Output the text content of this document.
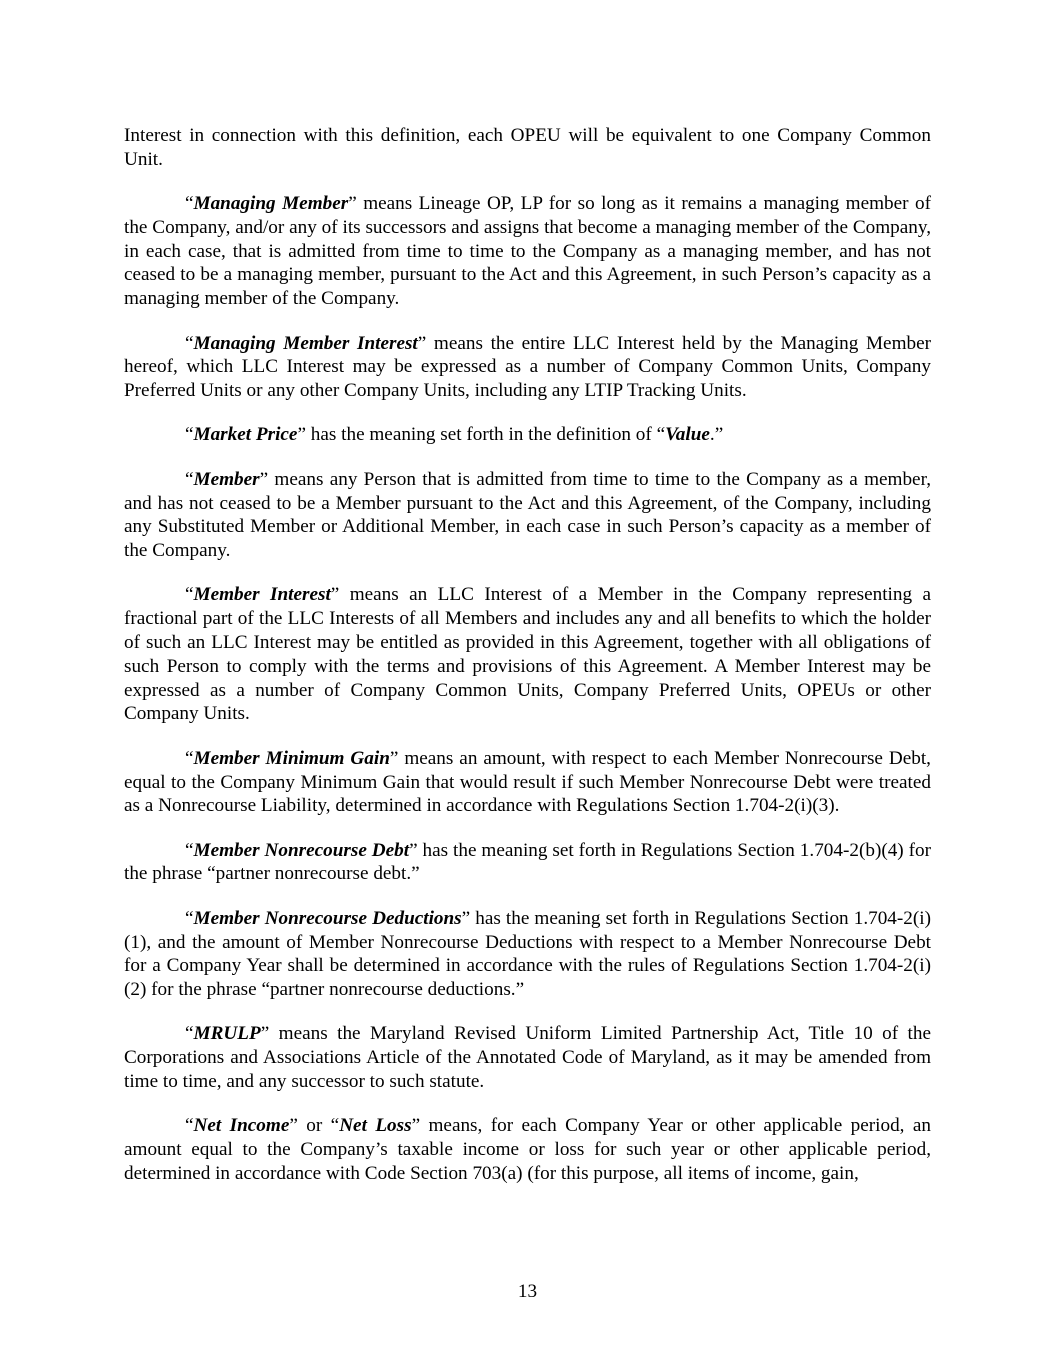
Interest in connection with this definition, each OPEU will be equivalent to one Company Common Unit.

“Managing Member” means Lineage OP, LP for so long as it remains a managing member of the Company, and/or any of its successors and assigns that become a managing member of the Company, in each case, that is admitted from time to time to the Company as a managing member, and has not ceased to be a managing member, pursuant to the Act and this Agreement, in such Person’s capacity as a managing member of the Company.

“Managing Member Interest” means the entire LLC Interest held by the Managing Member hereof, which LLC Interest may be expressed as a number of Company Common Units, Company Preferred Units or any other Company Units, including any LTIP Tracking Units.

“Market Price” has the meaning set forth in the definition of “Value.”

“Member” means any Person that is admitted from time to time to the Company as a member, and has not ceased to be a Member pursuant to the Act and this Agreement, of the Company, including any Substituted Member or Additional Member, in each case in such Person’s capacity as a member of the Company.

“Member Interest” means an LLC Interest of a Member in the Company representing a fractional part of the LLC Interests of all Members and includes any and all benefits to which the holder of such an LLC Interest may be entitled as provided in this Agreement, together with all obligations of such Person to comply with the terms and provisions of this Agreement. A Member Interest may be expressed as a number of Company Common Units, Company Preferred Units, OPEUs or other Company Units.

“Member Minimum Gain” means an amount, with respect to each Member Nonrecourse Debt, equal to the Company Minimum Gain that would result if such Member Nonrecourse Debt were treated as a Nonrecourse Liability, determined in accordance with Regulations Section 1.704-2(i)(3).

“Member Nonrecourse Debt” has the meaning set forth in Regulations Section 1.704-2(b)(4) for the phrase “partner nonrecourse debt.”

“Member Nonrecourse Deductions” has the meaning set forth in Regulations Section 1.704-2(i)(1), and the amount of Member Nonrecourse Deductions with respect to a Member Nonrecourse Debt for a Company Year shall be determined in accordance with the rules of Regulations Section 1.704-2(i)(2) for the phrase “partner nonrecourse deductions.”

“MRULP” means the Maryland Revised Uniform Limited Partnership Act, Title 10 of the Corporations and Associations Article of the Annotated Code of Maryland, as it may be amended from time to time, and any successor to such statute.

“Net Income” or “Net Loss” means, for each Company Year or other applicable period, an amount equal to the Company’s taxable income or loss for such year or other applicable period, determined in accordance with Code Section 703(a) (for this purpose, all items of income, gain,

13
